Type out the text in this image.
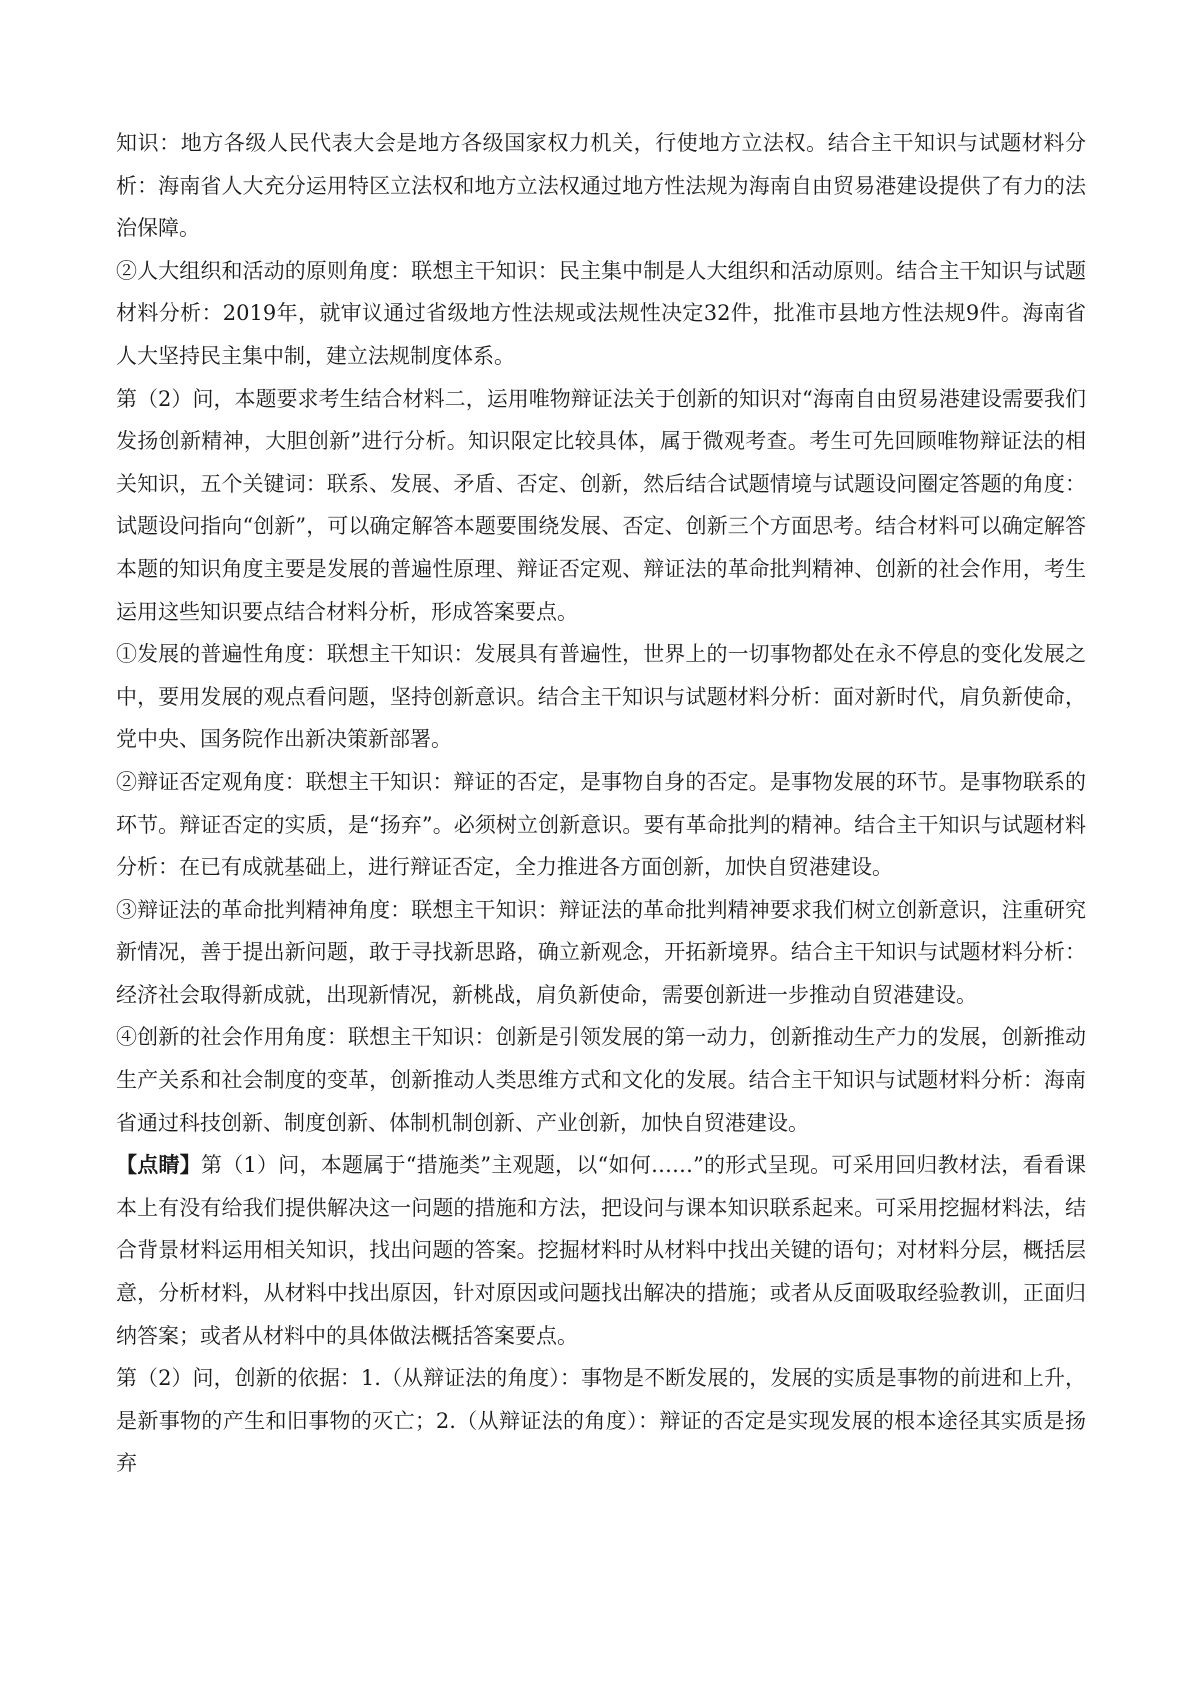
知识：地方各级人民代表大会是地方各级国家权力机关，行使地方立法权。结合主干知识与试题材料分析：海南省人大充分运用特区立法权和地方立法权通过地方性法规为海南自由贸易港建设提供了有力的法治保障。

②人大组织和活动的原则角度：联想主干知识：民主集中制是人大组织和活动原则。结合主干知识与试题材料分析：2019年，就审议通过省级地方性法规或法规性决定32件，批准市县地方性法规9件。海南省人大坚持民主集中制，建立法规制度体系。

第（2）问，本题要求考生结合材料二，运用唯物辩证法关于创新的知识对“海南自由贸易港建设需要我们发扬创新精神，大胆创新”进行分析。知识限定比较具体，属于微观考查。考生可先回顾唯物辩证法的相关知识，五个关键词：联系、发展、矛盾、否定、创新，然后结合试题情境与试题设问圈定答题的角度：试题设问指向“创新”，可以确定解答本题要围绕发展、否定、创新三个方面思考。结合材料可以确定解答本题的知识角度主要是发展的普遍性原理、辩证否定观、辩证法的革命批判精神、创新的社会作用，考生运用这些知识要点结合材料分析，形成答案要点。

①发展的普遍性角度：联想主干知识：发展具有普遍性，世界上的一切事物都处在永不停息的变化发展之中，要用发展的观点看问题，坚持创新意识。结合主干知识与试题材料分析：面对新时代，肩负新使命，党中央、国务院作出新决策新部署。

②辩证否定观角度：联想主干知识：辩证的否定，是事物自身的否定。是事物发展的环节。是事物联系的环节。辩证否定的实质，是“扬弃”。必须树立创新意识。要有革命批判的精神。结合主干知识与试题材料分析：在已有成就基础上，进行辩证否定，全力推进各方面创新，加快自贸港建设。

③辩证法的革命批判精神角度：联想主干知识：辩证法的革命批判精神要求我们树立创新意识，注重研究新情况，善于提出新问题，敢于寻找新思路，确立新观念，开拓新境界。结合主干知识与试题材料分析：经济社会取得新成就，出现新情况，新桃战，肩负新使命，需要创新进一步推动自贸港建设。

④创新的社会作用角度：联想主干知识：创新是引领发展的第一动力，创新推动生产力的发展，创新推动生产关系和社会制度的变革，创新推动人类思维方式和文化的发展。结合主干知识与试题材料分析：海南省通过科技创新、制度创新、体制机制创新、产业创新，加快自贸港建设。

【点睛】第（1）问，本题属于“措施类”主观题，以“如何……”的形式呈现。可采用回归教材法，看看课本上有没有给我们提供解决这一问题的措施和方法，把设问与课本知识联系起来。可采用挖掘材料法，结合背景材料运用相关知识，找出问题的答案。挖掘材料时从材料中找出关键的语句；对材料分层，概括层意，分析材料，从材料中找出原因，针对原因或问题找出解决的措施；或者从反面吸取经验教训，正面归纳答案；或者从材料中的具体做法概括答案要点。

第（2）问，创新的依据：1.（从辩证法的角度）：事物是不断发展的，发展的实质是事物的前进和上升，是新事物的产生和旧事物的灭亡；2.（从辩证法的角度）：辩证的否定是实现发展的根本途径其实质是扬弃
